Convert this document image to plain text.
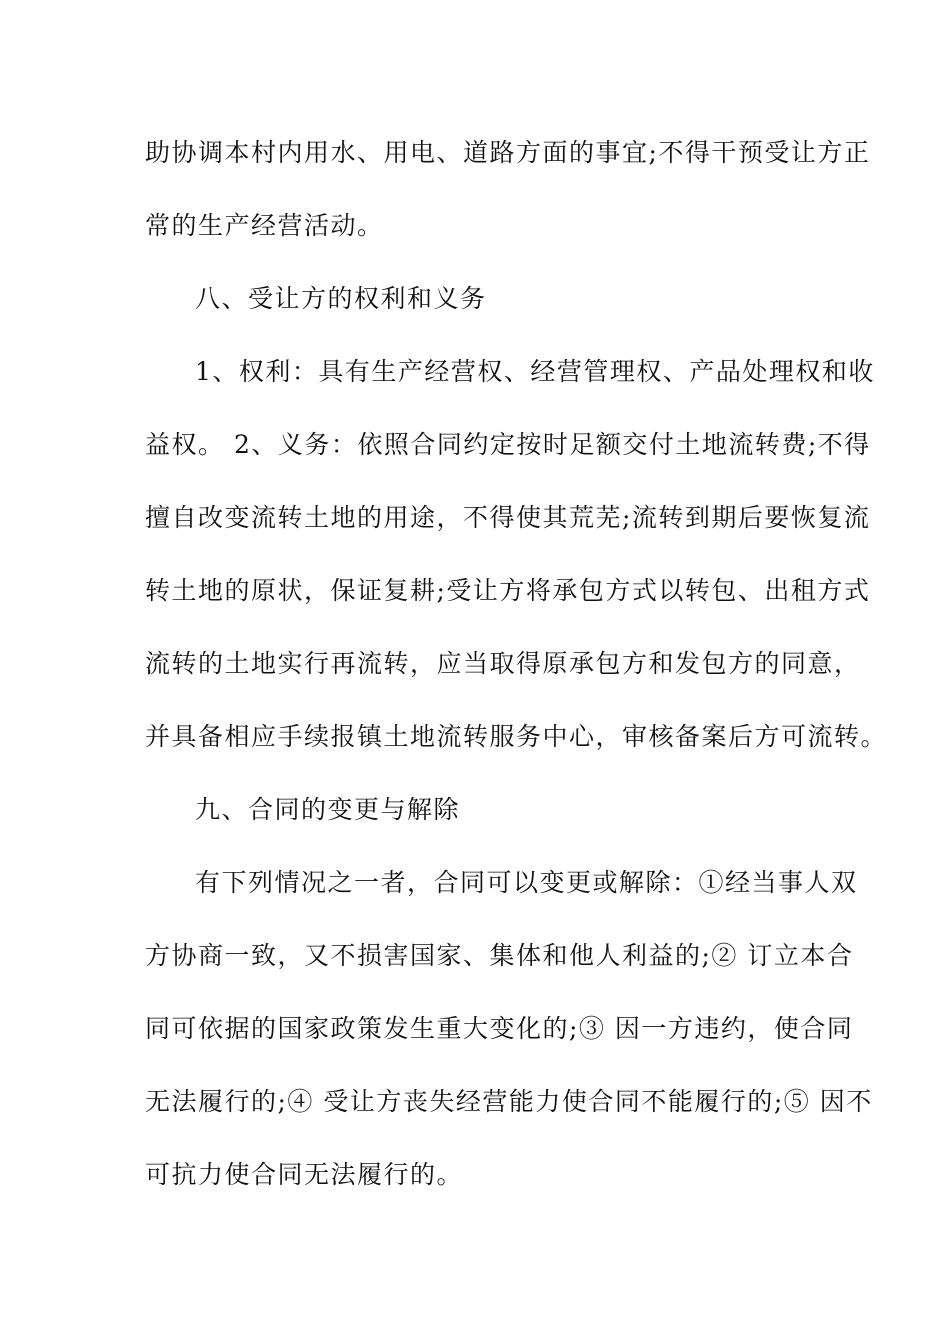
助协调本村内用水、用电、道路方面的事宜;不得干预受让方正
常的生产经营活动。
八、受让方的权利和义务
1、权利：具有生产经营权、经营管理权、产品处理权和收
益权。 2、义务：依照合同约定按时足额交付土地流转费;不得
擅自改变流转土地的用途，不得使其荒芜;流转到期后要恢复流
转土地的原状，保证复耕;受让方将承包方式以转包、出租方式
流转的土地实行再流转，应当取得原承包方和发包方的同意，
并具备相应手续报镇土地流转服务中心，审核备案后方可流转。
九、合同的变更与解除
有下列情况之一者，合同可以变更或解除：①经当事人双
方协商一致，又不损害国家、集体和他人利益的;② 订立本合
同可依据的国家政策发生重大变化的;③ 因一方违约，使合同
无法履行的;④ 受让方丧失经营能力使合同不能履行的;⑤ 因不
可抗力使合同无法履行的。
